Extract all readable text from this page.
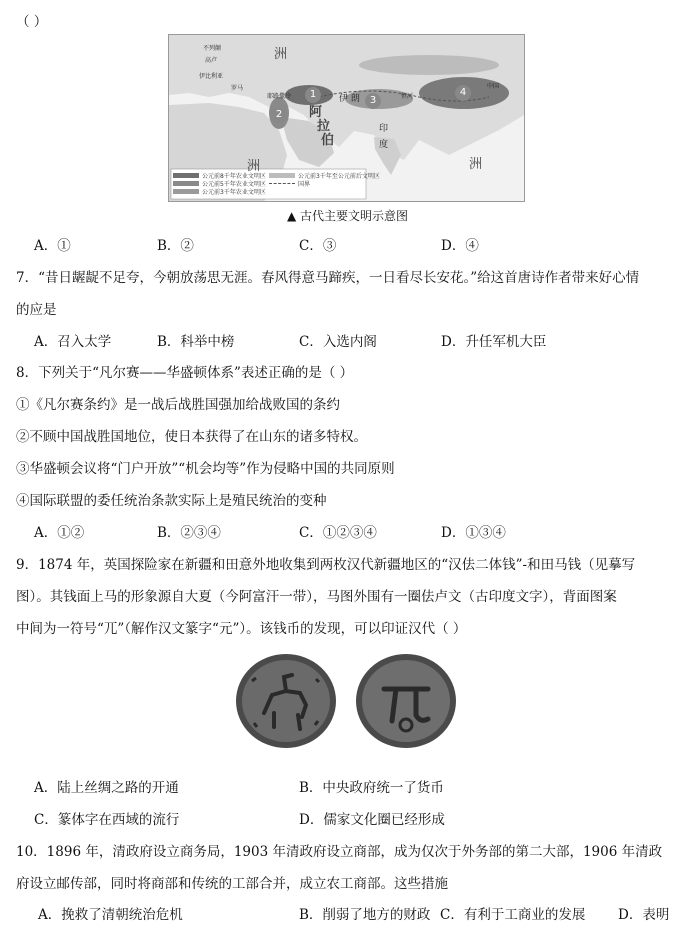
（ ）
洲
洲
洲
阿
拉
伯
伊 朗
印
度
不列颠
高卢
伊比利亚
罗马
耶路撒冷	恒河
中国
1
2
3
4
公元前8千年农业文明区
公元前5千年农业文明区
公元前3千年农业文明区
公元前3千年至公元前后文明区
国界
▲ 古代主要文明示意图
A．①	B．②	C．③	D．④
7．“昔日龌龊不足夸，今朝放荡思无涯。春风得意马蹄疾，一日看尽长安花。”给这首唐诗作者带来好心情
的应是
A．召入太学	B．科举中榜	C．入选内阁	D．升任军机大臣
8．下列关于“凡尔赛——华盛顿体系”表述正确的是（ ）
①《凡尔赛条约》是一战后战胜国强加给战败国的条约
②不顾中国战胜国地位，使日本获得了在山东的诸多特权。
③华盛顿会议将“门户开放”“机会均等”作为侵略中国的共同原则
④国际联盟的委任统治条款实际上是殖民统治的变种
A．①②	B．②③④	C．①②③④	D．①③④
9．1874 年，英国探险家在新疆和田意外地收集到两枚汉代新疆地区的“汉佉二体钱”-和田马钱（见摹写
图）。其钱面上马的形象源自大夏（今阿富汗一带），马图外围有一圈佉卢文（古印度文字），背面图案
中间为一符号“兀”（解作汉文篆字“元”）。该钱币的发现，可以印证汉代（ ）
A．陆上丝绸之路的开通	B．中央政府统一了货币
C．篆体字在西域的流行	D．儒家文化圈已经形成
10．1896 年，清政府设立商务局，1903 年清政府设立商部，成为仅次于外务部的第二大部，1906 年清政
府设立邮传部，同时将商部和传统的工部合并，成立农工商部。这些措施
A．挽救了清朝统治危机	B．削弱了地方的财政 C．有利于工商业的发展 D．表明
